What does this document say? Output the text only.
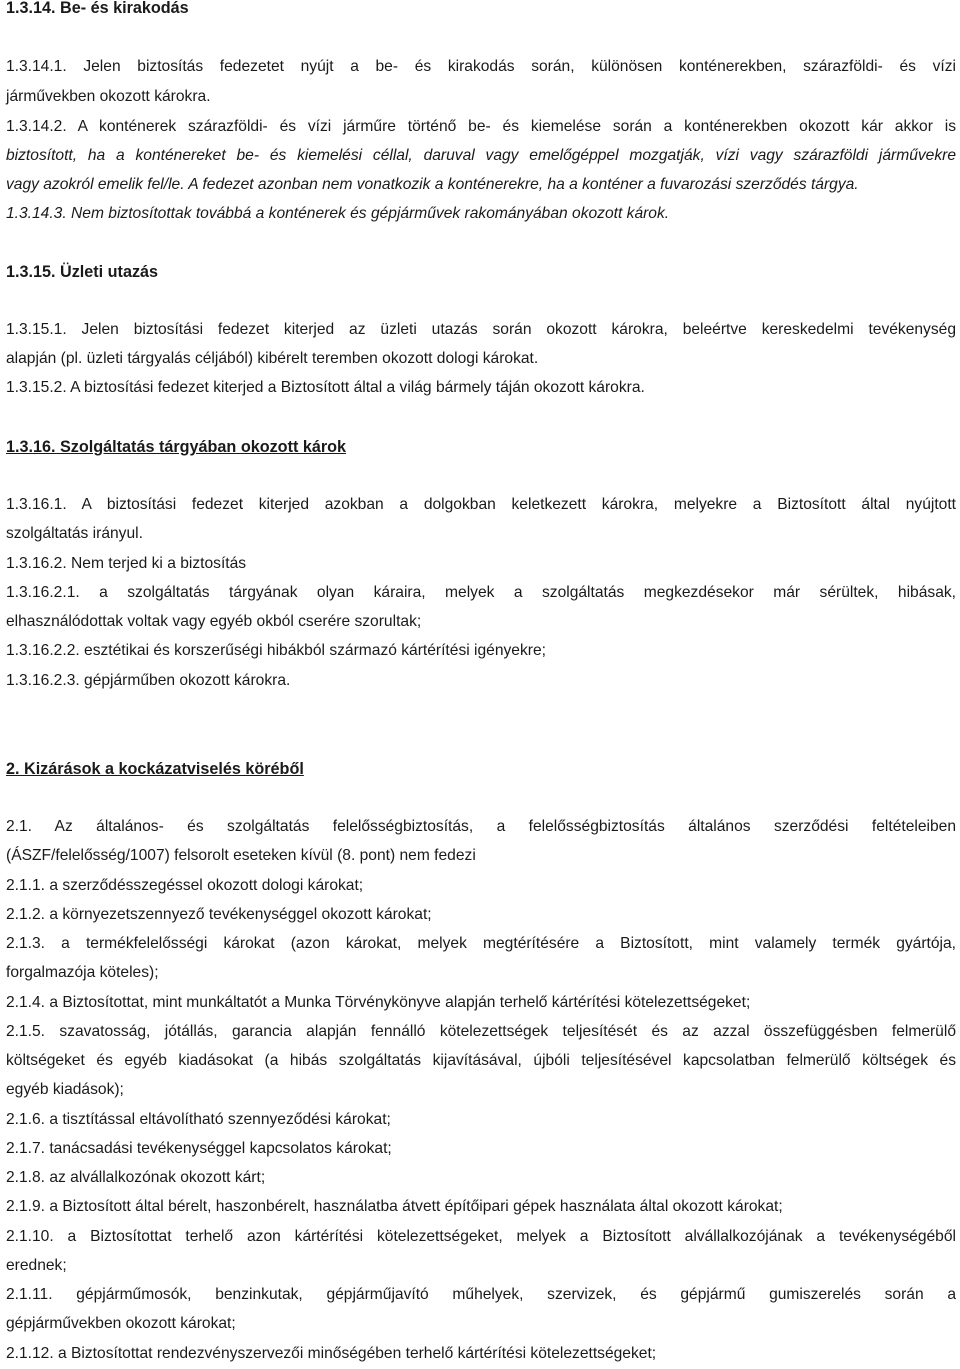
1.3.14. Be- és kirakodás
1.3.14.1. Jelen biztosítás fedezetet nyújt a be- és kirakodás során, különösen konténerekben, szárazföldi- és vízi
járművekben okozott károkra.
1.3.14.2. A konténerek szárazföldi- és vízi járműre történő be- és kiemelése során a konténerekben okozott kár akkor is
biztosított, ha a konténereket be- és kiemelési céllal, daruval vagy emelőgéppel mozgatják, vízi vagy szárazföldi járművekre
vagy azokról emelik fel/le. A fedezet azonban nem vonatkozik a konténerekre, ha a konténer a fuvarozási szerződés tárgya.
1.3.14.3. Nem biztosítottak továbbá a konténerek és gépjárművek rakományában okozott károk.
1.3.15. Üzleti utazás
1.3.15.1. Jelen biztosítási fedezet kiterjed az üzleti utazás során okozott károkra, beleértve kereskedelmi tevékenység
alapján (pl. üzleti tárgyalás céljából) kibérelt teremben okozott dologi károkat.
1.3.15.2. A biztosítási fedezet kiterjed a Biztosított által a világ bármely táján okozott károkra.
1.3.16. Szolgáltatás tárgyában okozott károk
1.3.16.1. A biztosítási fedezet kiterjed azokban a dolgokban keletkezett károkra, melyekre a Biztosított által nyújtott
szolgáltatás irányul.
1.3.16.2. Nem terjed ki a biztosítás
1.3.16.2.1. a szolgáltatás tárgyának olyan káraira, melyek a szolgáltatás megkezdésekor már sérültek, hibásak,
elhasználódottak voltak vagy egyéb okból cserére szorultak;
1.3.16.2.2. esztétikai és korszerűségi hibákból származó kártérítési igényekre;
1.3.16.2.3. gépjárműben okozott károkra.
2. Kizárások a kockázatviselés köréből
2.1. Az általános- és szolgáltatás felelősségbiztosítás, a felelősségbiztosítás általános szerződési feltételeiben
(ÁSZF/felelősség/1007) felsorolt eseteken kívül (8. pont) nem fedezi
2.1.1. a szerződésszegéssel okozott dologi károkat;
2.1.2. a környezetszennyező tevékenységgel okozott károkat;
2.1.3. a termékfelelősségi károkat (azon károkat, melyek megtérítésére a Biztosított, mint valamely termék gyártója,
forgalmazója köteles);
2.1.4. a Biztosítottat, mint munkáltatót a Munka Törvénykönyve alapján terhelő kártérítési kötelezettségeket;
2.1.5. szavatosság, jótállás, garancia alapján fennálló kötelezettségek teljesítését és az azzal összefüggésben felmerülő
költségeket és egyéb kiadásokat (a hibás szolgáltatás kijavításával, újbóli teljesítésével kapcsolatban felmerülő költségek és
egyéb kiadások);
2.1.6. a tisztítással eltávolítható szennyeződési károkat;
2.1.7. tanácsadási tevékenységgel kapcsolatos károkat;
2.1.8. az alvállalkozónak okozott kárt;
2.1.9. a Biztosított által bérelt, haszonbérelt, használatba átvett építőipari gépek használata által okozott károkat;
2.1.10. a Biztosítottat terhelő azon kártérítési kötelezettségeket, melyek a Biztosított alvállalkozójának a tevékenységéből
erednek;
2.1.11. gépjárműmosók, benzinkutak, gépjárműjavító műhelyek, szervizek, és gépjármű gumiszerelés során a
gépjárművekben okozott károkat;
2.1.12. a Biztosítottat rendezvényszervezői minőségében terhelő kártérítési kötelezettségeket;
